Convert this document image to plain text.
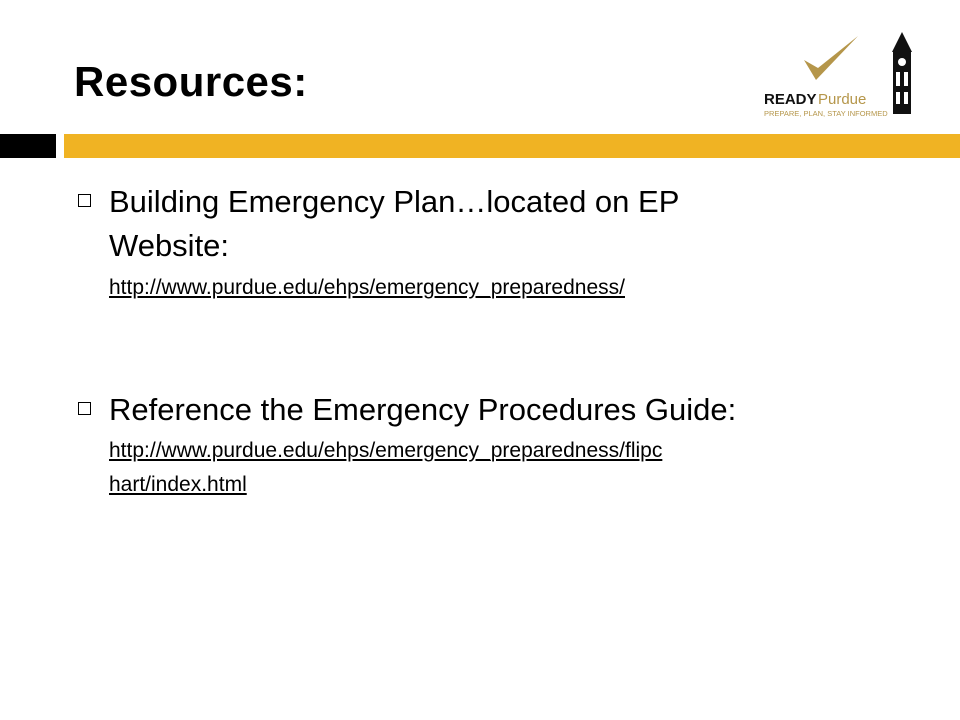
Resources:	READY Purdue
PREPARE, PLAN, STAY INFORMED
Building Emergency Plan…located on EP
Website:
http://www.purdue.edu/ehps/emergency_preparedness/
Reference the Emergency Procedures Guide:
http://www.purdue.edu/ehps/emergency_preparedness/flipc
hart/index.html
